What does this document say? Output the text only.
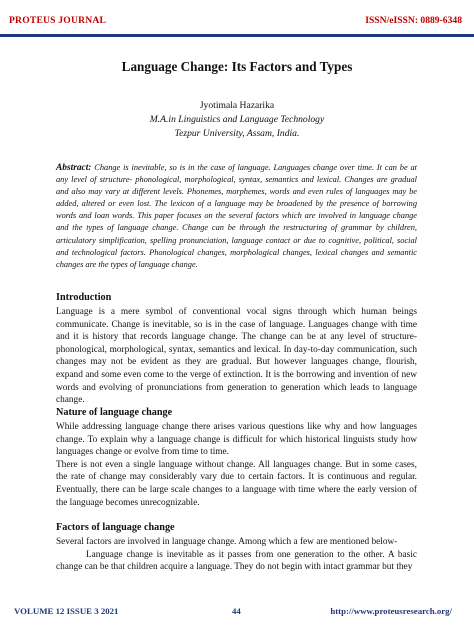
PROTEUS JOURNAL	ISSN/eISSN: 0889-6348
Language Change: Its Factors and Types
Jyotimala Hazarika
M.A.in Linguistics and Language Technology
Tezpur University, Assam, India.
Abstract: Change is inevitable, so is in the case of language. Languages change over time. It can be at any level of structure- phonological, morphological, syntax, semantics and lexical. Changes are gradual and also may vary at different levels. Phonemes, morphemes, words and even rules of languages may be added, altered or even lost. The lexicon of a language may be broadened by the presence of borrowing words and loan words. This paper focuses on the several factors which are involved in language change and the types of language change. Change can be through the restructuring of grammar by children, articulatory simplification, spelling pronunciation, language contact or due to cognitive, political, social and technological factors. Phonological changes, morphological changes, lexical changes and semantic changes are the types of language change.
Introduction

Language is a mere symbol of conventional vocal signs through which human beings communicate. Change is inevitable, so is in the case of language. Languages change with time and it is history that records language change. The change can be at any level of structure- phonological, morphological, syntax, semantics and lexical. In day-to-day communication, such changes may not be evident as they are gradual. But however languages change, flourish, expand and some even come to the verge of extinction. It is the borrowing and invention of new words and evolving of pronunciations from generation to generation which leads to language change.

Nature of language change

While addressing language change there arises various questions like why and how languages change. To explain why a language change is difficult for which historical linguists study how languages change or evolve from time to time.

There is not even a single language without change. All languages change. But in some cases, the rate of change may considerably vary due to certain factors. It is continuous and regular. Eventually, there can be large scale changes to a language with time where the early version of the language becomes unrecognizable.

Factors of language change

Several factors are involved in language change. Among which a few are mentioned below-

Language change is inevitable as it passes from one generation to the other. A basic change can be that children acquire a language. They do not begin with intact grammar but they

VOLUME 12 ISSUE 3 2021	44	http://www.proteusresearch.org/
